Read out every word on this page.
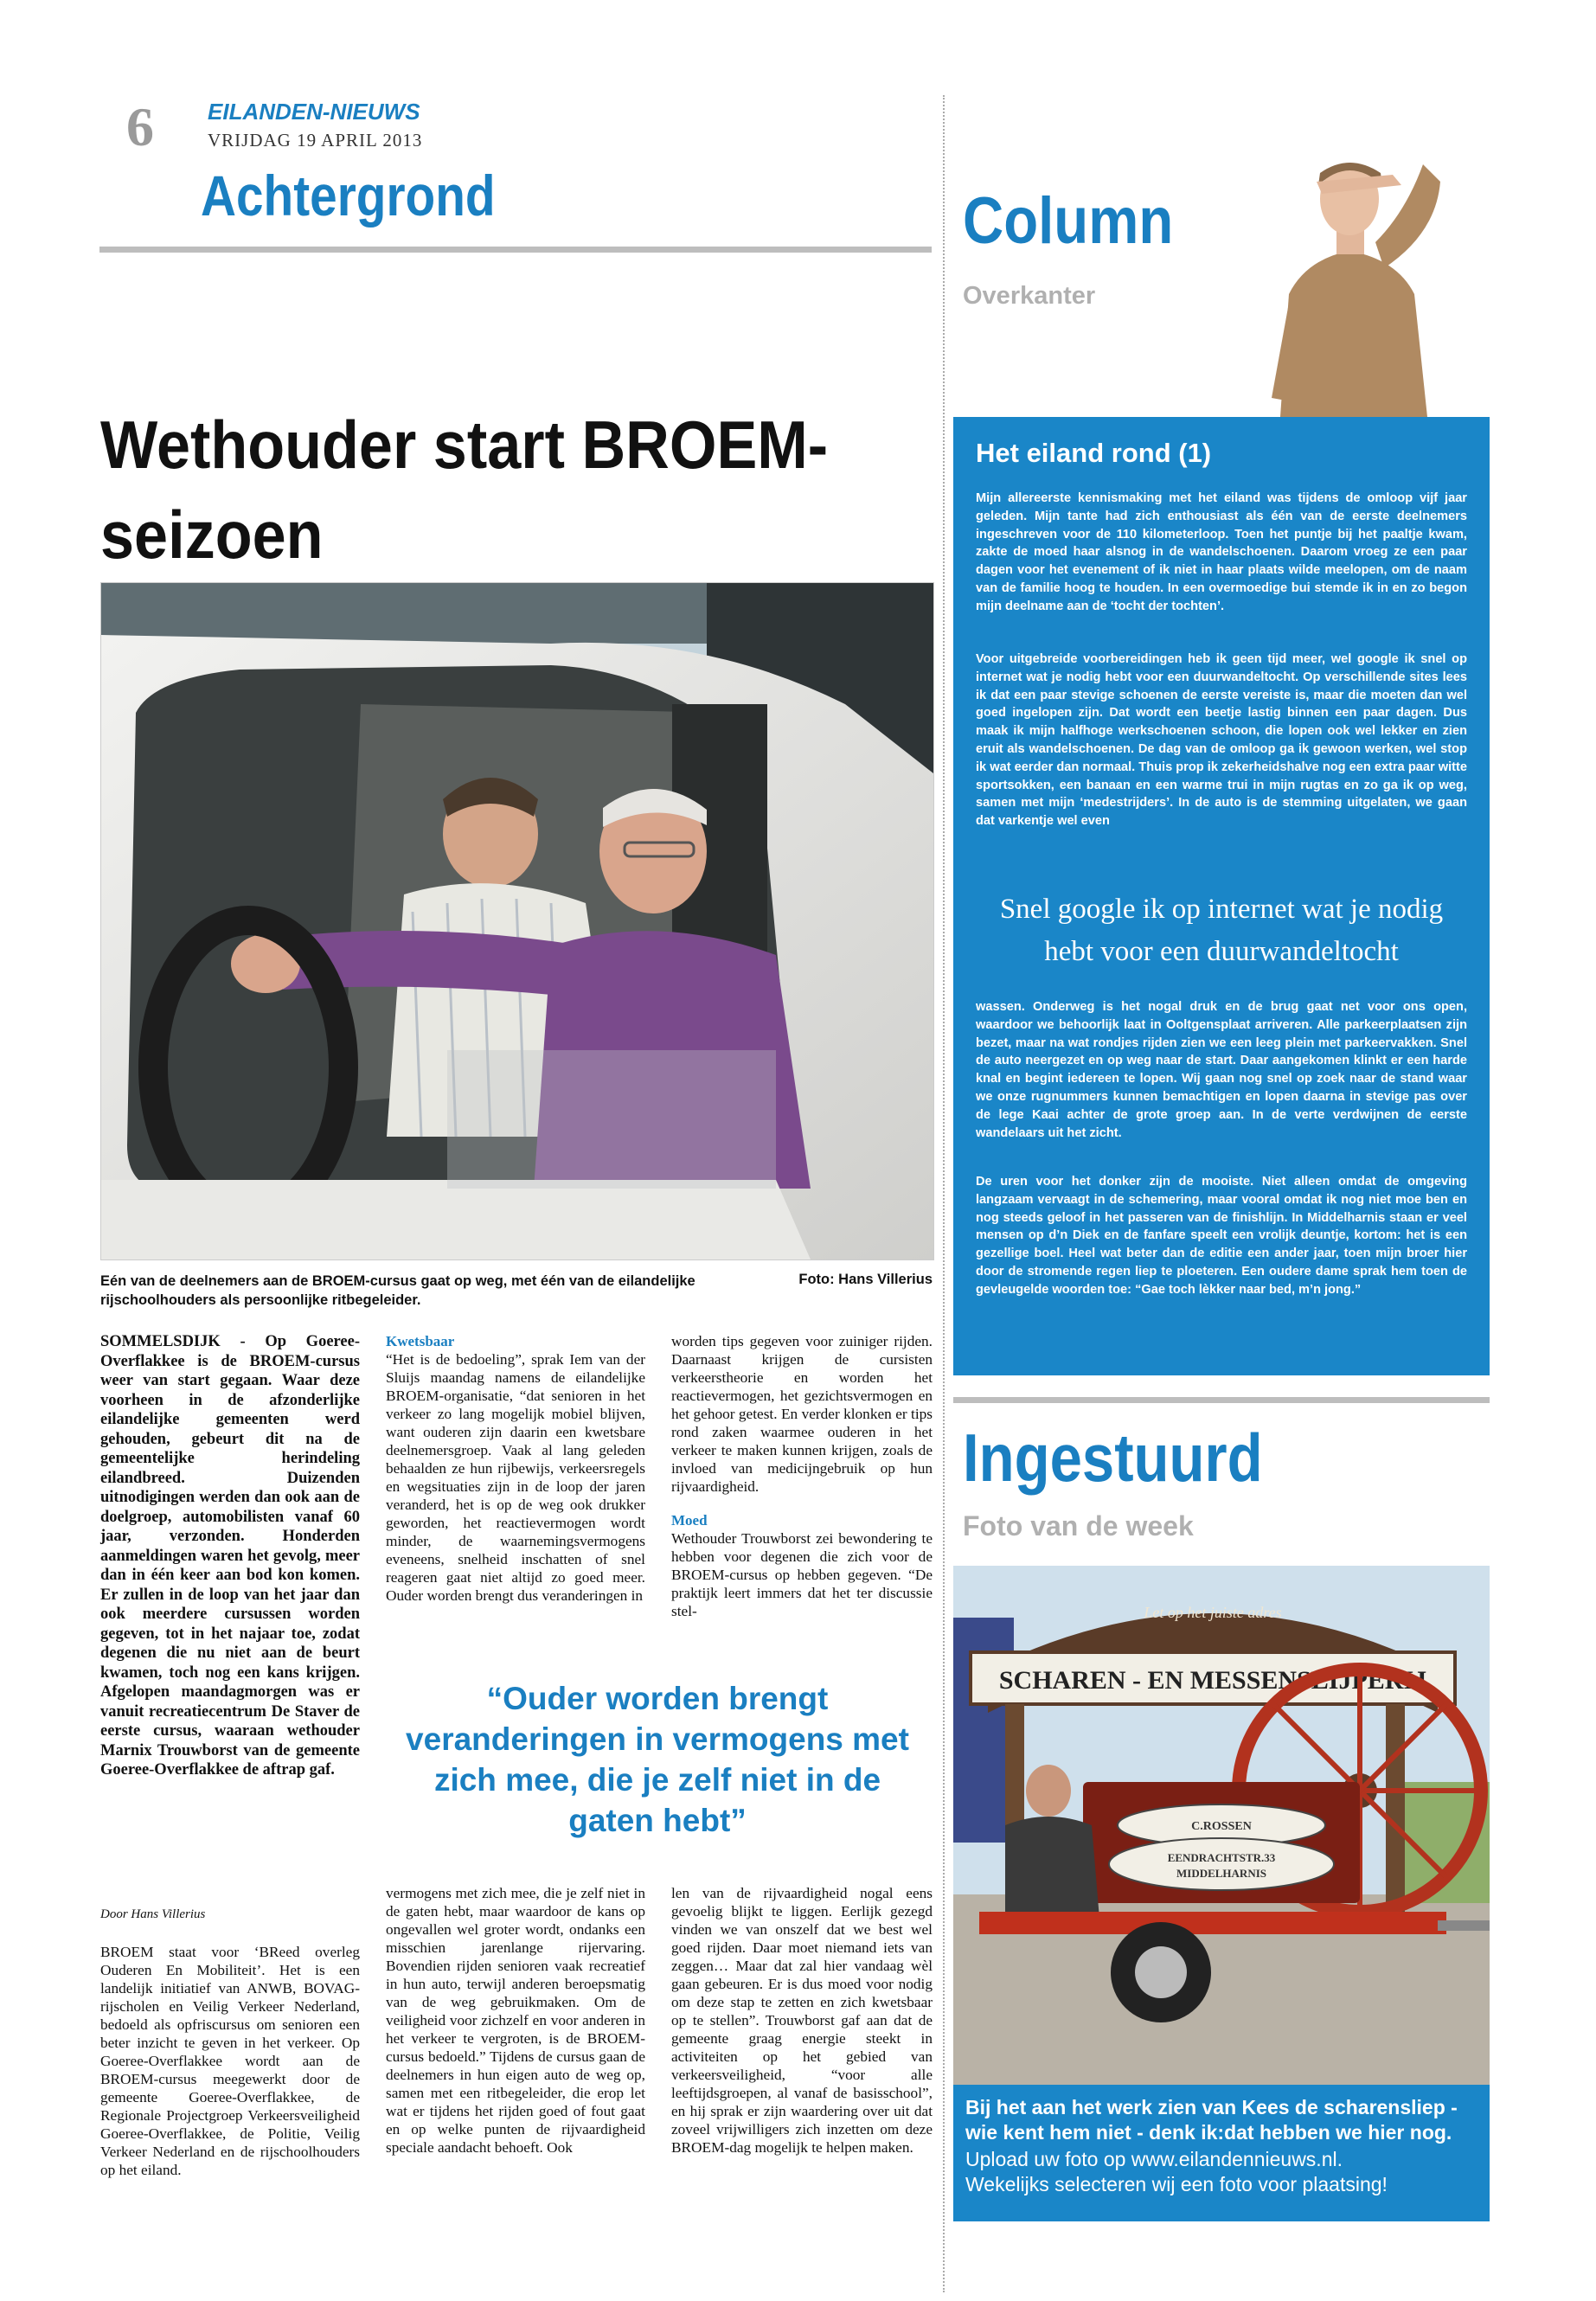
6 EILANDEN-NIEUWS
VRIJDAG 19 APRIL 2013
Achtergrond
Wethouder start BROEM-seizoen
Eén van de deelnemers aan de BROEM-cursus gaat op weg, met één van de eilandelijke rijschoolhouders als persoonlijke ritbegeleider.
Foto: Hans Villerius
SOMMELSDIJK - Op Goeree-Overflakkee is de BROEM-cursus weer van start gegaan. Waar deze voorheen in de afzonderlijke eilandelijke gemeenten werd gehouden, gebeurt dit na de gemeentelijke herindeling eilandbreed. Duizenden uitnodigingen werden dan ook aan de doelgroep, automobilisten vanaf 60 jaar, verzonden. Honderden aanmeldingen waren het gevolg, meer dan in één keer aan bod kon komen. Er zullen in de loop van het jaar dan ook meerdere cursussen worden gegeven, tot in het najaar toe, zodat degenen die nu niet aan de beurt kwamen, toch nog een kans krijgen. Afgelopen maandagmorgen was er vanuit recreatiecentrum De Staver de eerste cursus, waaraan wethouder Marnix Trouwborst van de gemeente Goeree-Overflakkee de aftrap gaf.
Door Hans Villerius
BROEM staat voor ‘BReed overleg Ouderen En Mobiliteit’. Het is een landelijk initiatief van ANWB, BOVAG-rijscholen en Veilig Verkeer Nederland, bedoeld als opfriscursus om senioren een beter inzicht te geven in het verkeer. Op Goeree-Overflakkee wordt aan de BROEM-cursus meegewerkt door de gemeente Goeree-Overflakkee, de Regionale Projectgroep Verkeersveiligheid Goeree-Overflakkee, de Politie, Veilig Verkeer Nederland en de rijschoolhouders op het eiland.

Kwetsbaar

“Het is de bedoeling”, sprak Iem van der Sluijs maandag namens de eilandelijke BROEM-organisatie, “dat senioren in het verkeer zo lang mogelijk mobiel blijven, want ouderen zijn daarin een kwetsbare deelnemersgroep. Vaak al lang geleden behaalden ze hun rijbewijs, verkeersregels en wegsituaties zijn in de loop der jaren veranderd, het is op de weg ook drukker geworden, het reactievermogen wordt minder, de waarnemingsvermogens eveneens, snelheid inschatten of snel reageren gaat niet altijd zo goed meer. Ouder worden brengt dus veranderingen in

worden tips gegeven voor zuiniger rijden. Daarnaast krijgen de cursisten verkeerstheorie en worden het reactievermogen, het gezichtsvermogen en het gehoor getest. En verder klonken er tips rond zaken waarmee ouderen in het verkeer te maken kunnen krijgen, zoals de invloed van medicijngebruik op hun rijvaardigheid.

Moed

Wethouder Trouwborst zei bewondering te hebben voor degenen die zich voor de BROEM-cursus op hebben gegeven. “De praktijk leert immers dat het ter discussie stel-

“Ouder worden brengt veranderingen in vermogens met zich mee, die je zelf niet in de gaten hebt”
vermogens met zich mee, die je zelf niet in de gaten hebt, maar waardoor de kans op ongevallen wel groter wordt, ondanks een misschien jarenlange rijervaring. Bovendien rijden senioren vaak recreatief in hun auto, terwijl anderen beroepsmatig van de weg gebruikmaken. Om de veiligheid voor zichzelf en voor anderen in het verkeer te vergroten, is de BROEM-cursus bedoeld.” Tijdens de cursus gaan de deelnemers in hun eigen auto de weg op, samen met een ritbegeleider, die erop let wat er tijdens het rijden goed of fout gaat en op welke punten de rijvaardigheid speciale aandacht behoeft. Ook
len van de rijvaardigheid nogal eens gevoelig blijkt te liggen. Eerlijk gezegd vinden we van onszelf dat we best wel goed rijden. Daar moet niemand iets van zeggen… Maar dat zal hier vandaag wèl gaan gebeuren. Er is dus moed voor nodig om deze stap te zetten en zich kwetsbaar op te stellen”. Trouwborst gaf aan dat de gemeente graag energie steekt in activiteiten op het gebied van verkeersveiligheid, “voor alle leeftijdsgroepen, al vanaf de basisschool”, en hij sprak er zijn waardering over uit dat zoveel vrijwilligers zich inzetten om deze BROEM-dag mogelijk te helpen maken.
Column
Overkanter
Het eiland rond (1)
Mijn allereerste kennismaking met het eiland was tijdens de omloop vijf jaar geleden. Mijn tante had zich enthousiast als één van de eerste deelnemers ingeschreven voor de 110 kilometerloop. Toen het puntje bij het paaltje kwam, zakte de moed haar alsnog in de wandelschoenen. Daarom vroeg ze een paar dagen voor het evenement of ik niet in haar plaats wilde meelopen, om de naam van de familie hoog te houden. In een overmoedige bui stemde ik in en zo begon mijn deelname aan de ‘tocht der tochten’.
Voor uitgebreide voorbereidingen heb ik geen tijd meer, wel google ik snel op internet wat je nodig hebt voor een duurwandeltocht. Op verschillende sites lees ik dat een paar stevige schoenen de eerste vereiste is, maar die moeten dan wel goed ingelopen zijn. Dat wordt een beetje lastig binnen een paar dagen. Dus maak ik mijn halfhoge werkschoenen schoon, die lopen ook wel lekker en zien eruit als wandelschoenen. De dag van de omloop ga ik gewoon werken, wel stop ik wat eerder dan normaal. Thuis prop ik zekerheidshalve nog een extra paar witte sportsokken, een banaan en een warme trui in mijn rugtas en zo ga ik op weg, samen met mijn ‘medestrijders’. In de auto is de stemming uitgelaten, we gaan dat varkentje wel even
Snel google ik op internet wat je nodig hebt voor een duurwandeltocht
wassen. Onderweg is het nogal druk en de brug gaat net voor ons open, waardoor we behoorlijk laat in Ooltgensplaat arriveren. Alle parkeerplaatsen zijn bezet, maar na wat rondjes rijden zien we een leeg plein met parkeervakken. Snel de auto neergezet en op weg naar de start. Daar aangekomen klinkt er een harde knal en begint iedereen te lopen. Wij gaan nog snel op zoek naar de stand waar we onze rugnummers kunnen bemachtigen en lopen daarna in stevige pas over de lege Kaai achter de grote groep aan. In de verte verdwijnen de eerste wandelaars uit het zicht.
De uren voor het donker zijn de mooiste. Niet alleen omdat de omgeving langzaam vervaagt in de schemering, maar vooral omdat ik nog niet moe ben en nog steeds geloof in het passeren van de finishlijn. In Middelharnis staan er veel mensen op d’n Diek en de fanfare speelt een vrolijk deuntje, kortom: het is een gezellige boel. Heel wat beter dan de editie een ander jaar, toen mijn broer hier door de stromende regen liep te ploeteren. Een oudere dame sprak hem toen de gevleugelde woorden toe: “Gae toch lèkker naar bed, m’n jong.”
Ingestuurd
Foto van de week
Let op het juiste adres
SCHAREN - EN MESSENSLIJPERIJ
C.ROSSEN
EENDRACHTSTR.33
MIDDELHARNIS
Bij het aan het werk zien van Kees de scharensliep - wie kent hem niet - denk ik:dat hebben we hier nog.
Upload uw foto op www.eilandennieuws.nl.
Wekelijks selecteren wij een foto voor plaatsing!
